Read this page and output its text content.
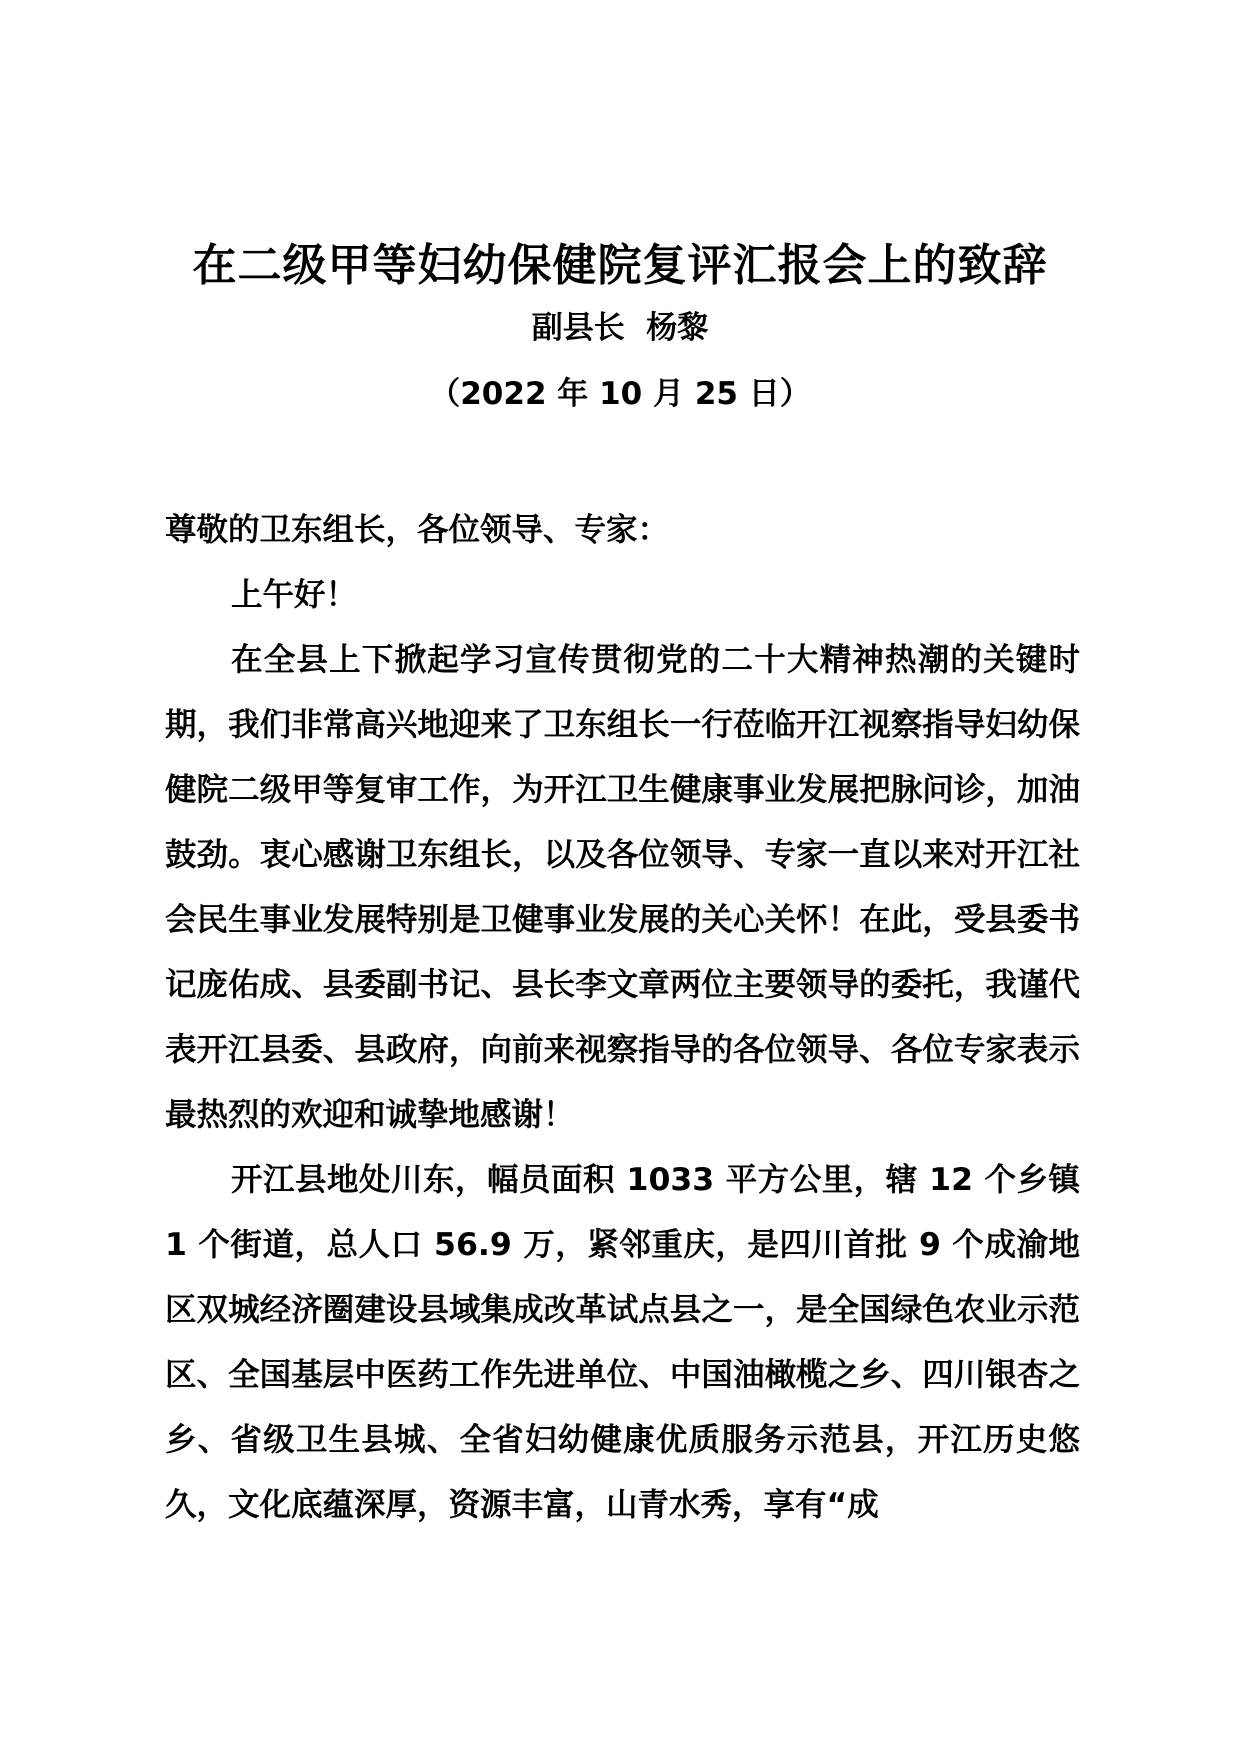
在二级甲等妇幼保健院复评汇报会上的致辞
副县长  杨黎
（2022 年 10 月 25 日）

尊敬的卫东组长，各位领导、专家：

上午好！

在全县上下掀起学习宣传贯彻党的二十大精神热潮的关键时期，我们非常高兴地迎来了卫东组长一行莅临开江视察指导妇幼保健院二级甲等复审工作，为开江卫生健康事业发展把脉问诊，加油鼓劲。衷心感谢卫东组长，以及各位领导、专家一直以来对开江社会民生事业发展特别是卫健事业发展的关心关怀！在此，受县委书记庞佑成、县委副书记、县长李文章两位主要领导的委托，我谨代表开江县委、县政府，向前来视察指导的各位领导、各位专家表示最热烈的欢迎和诚挚地感谢！

开江县地处川东，幅员面积 1033 平方公里，辖 12 个乡镇 1 个街道，总人口 56.9 万，紧邻重庆，是四川首批 9 个成渝地区双城经济圈建设县域集成改革试点县之一，是全国绿色农业示范区、全国基层中医药工作先进单位、中国油橄榄之乡、四川银杏之乡、省级卫生县城、全省妇幼健康优质服务示范县，开江历史悠久，文化底蕴深厚，资源丰富，山青水秀，享有“成
